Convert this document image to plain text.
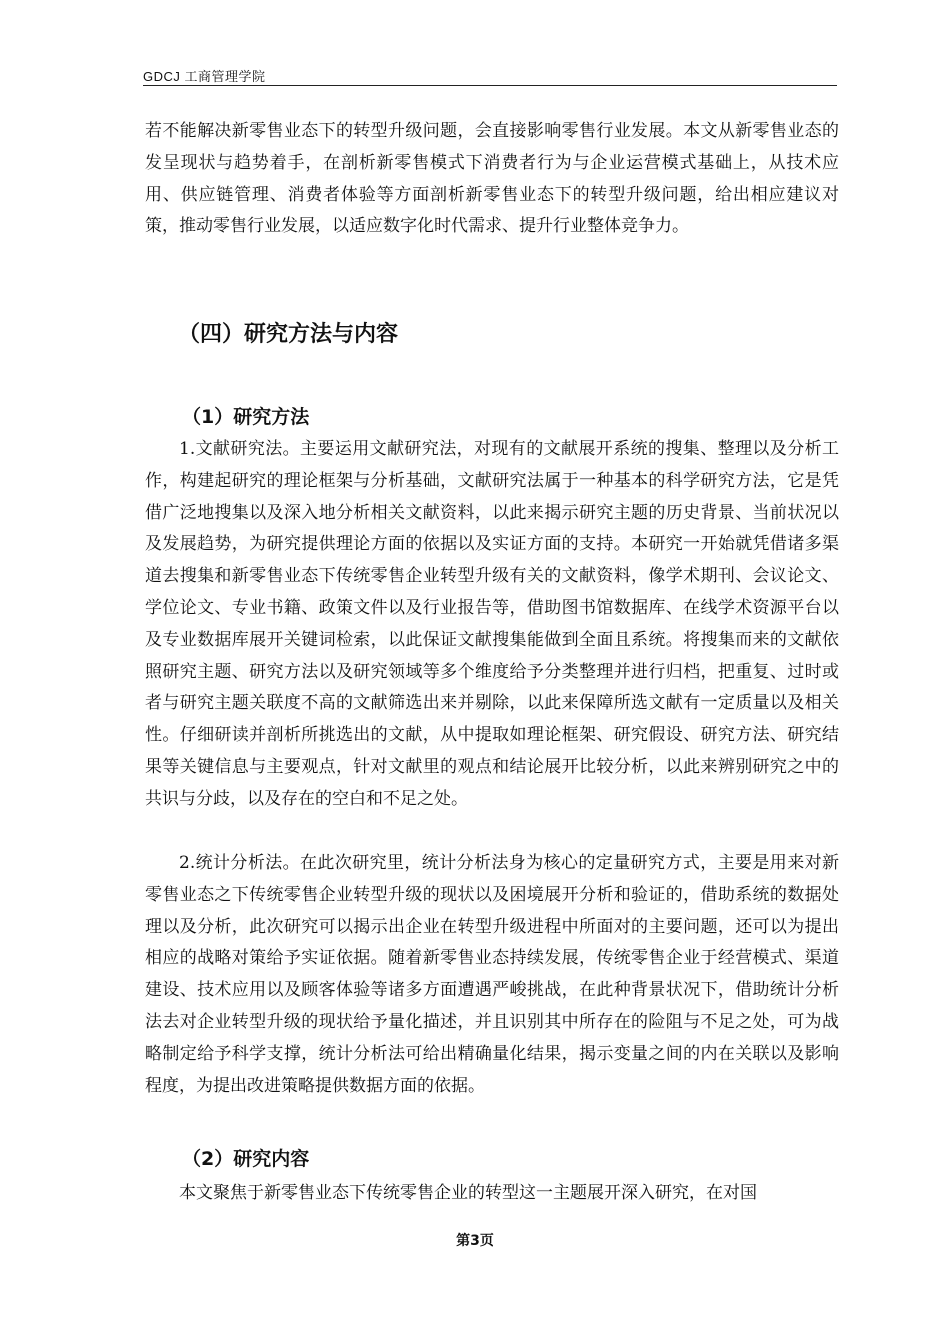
GDCJ 工商管理学院

若不能解决新零售业态下的转型升级问题，会直接影响零售行业发展。本文从新零售业态的发呈现状与趋势着手，在剖析新零售模式下消费者行为与企业运营模式基础上，从技术应用、供应链管理、消费者体验等方面剖析新零售业态下的转型升级问题，给出相应建议对策，推动零售行业发展，以适应数字化时代需求、提升行业整体竞争力。

（四）研究方法与内容
（1）研究方法

1.文献研究法。主要运用文献研究法，对现有的文献展开系统的搜集、整理以及分析工作，构建起研究的理论框架与分析基础，文献研究法属于一种基本的科学研究方法，它是凭借广泛地搜集以及深入地分析相关文献资料，以此来揭示研究主题的历史背景、当前状况以及发展趋势，为研究提供理论方面的依据以及实证方面的支持。本研究一开始就凭借诸多渠道去搜集和新零售业态下传统零售企业转型升级有关的文献资料，像学术期刊、会议论文、学位论文、专业书籍、政策文件以及行业报告等，借助图书馆数据库、在线学术资源平台以及专业数据库展开关键词检索，以此保证文献搜集能做到全面且系统。将搜集而来的文献依照研究主题、研究方法以及研究领域等多个维度给予分类整理并进行归档，把重复、过时或者与研究主题关联度不高的文献筛选出来并剔除，以此来保障所选文献有一定质量以及相关性。仔细研读并剖析所挑选出的文献，从中提取如理论框架、研究假设、研究方法、研究结果等关键信息与主要观点，针对文献里的观点和结论展开比较分析，以此来辨别研究之中的共识与分歧，以及存在的空白和不足之处。

2.统计分析法。在此次研究里，统计分析法身为核心的定量研究方式，主要是用来对新零售业态之下传统零售企业转型升级的现状以及困境展开分析和验证的，借助系统的数据处理以及分析，此次研究可以揭示出企业在转型升级进程中所面对的主要问题，还可以为提出相应的战略对策给予实证依据。随着新零售业态持续发展，传统零售企业于经营模式、渠道建设、技术应用以及顾客体验等诸多方面遭遇严峻挑战，在此种背景状况下，借助统计分析法去对企业转型升级的现状给予量化描述，并且识别其中所存在的险阻与不足之处，可为战略制定给予科学支撑，统计分析法可给出精确量化结果，揭示变量之间的内在关联以及影响程度，为提出改进策略提供数据方面的依据。

（2）研究内容

本文聚焦于新零售业态下传统零售企业的转型这一主题展开深入研究，在对国

第3页
